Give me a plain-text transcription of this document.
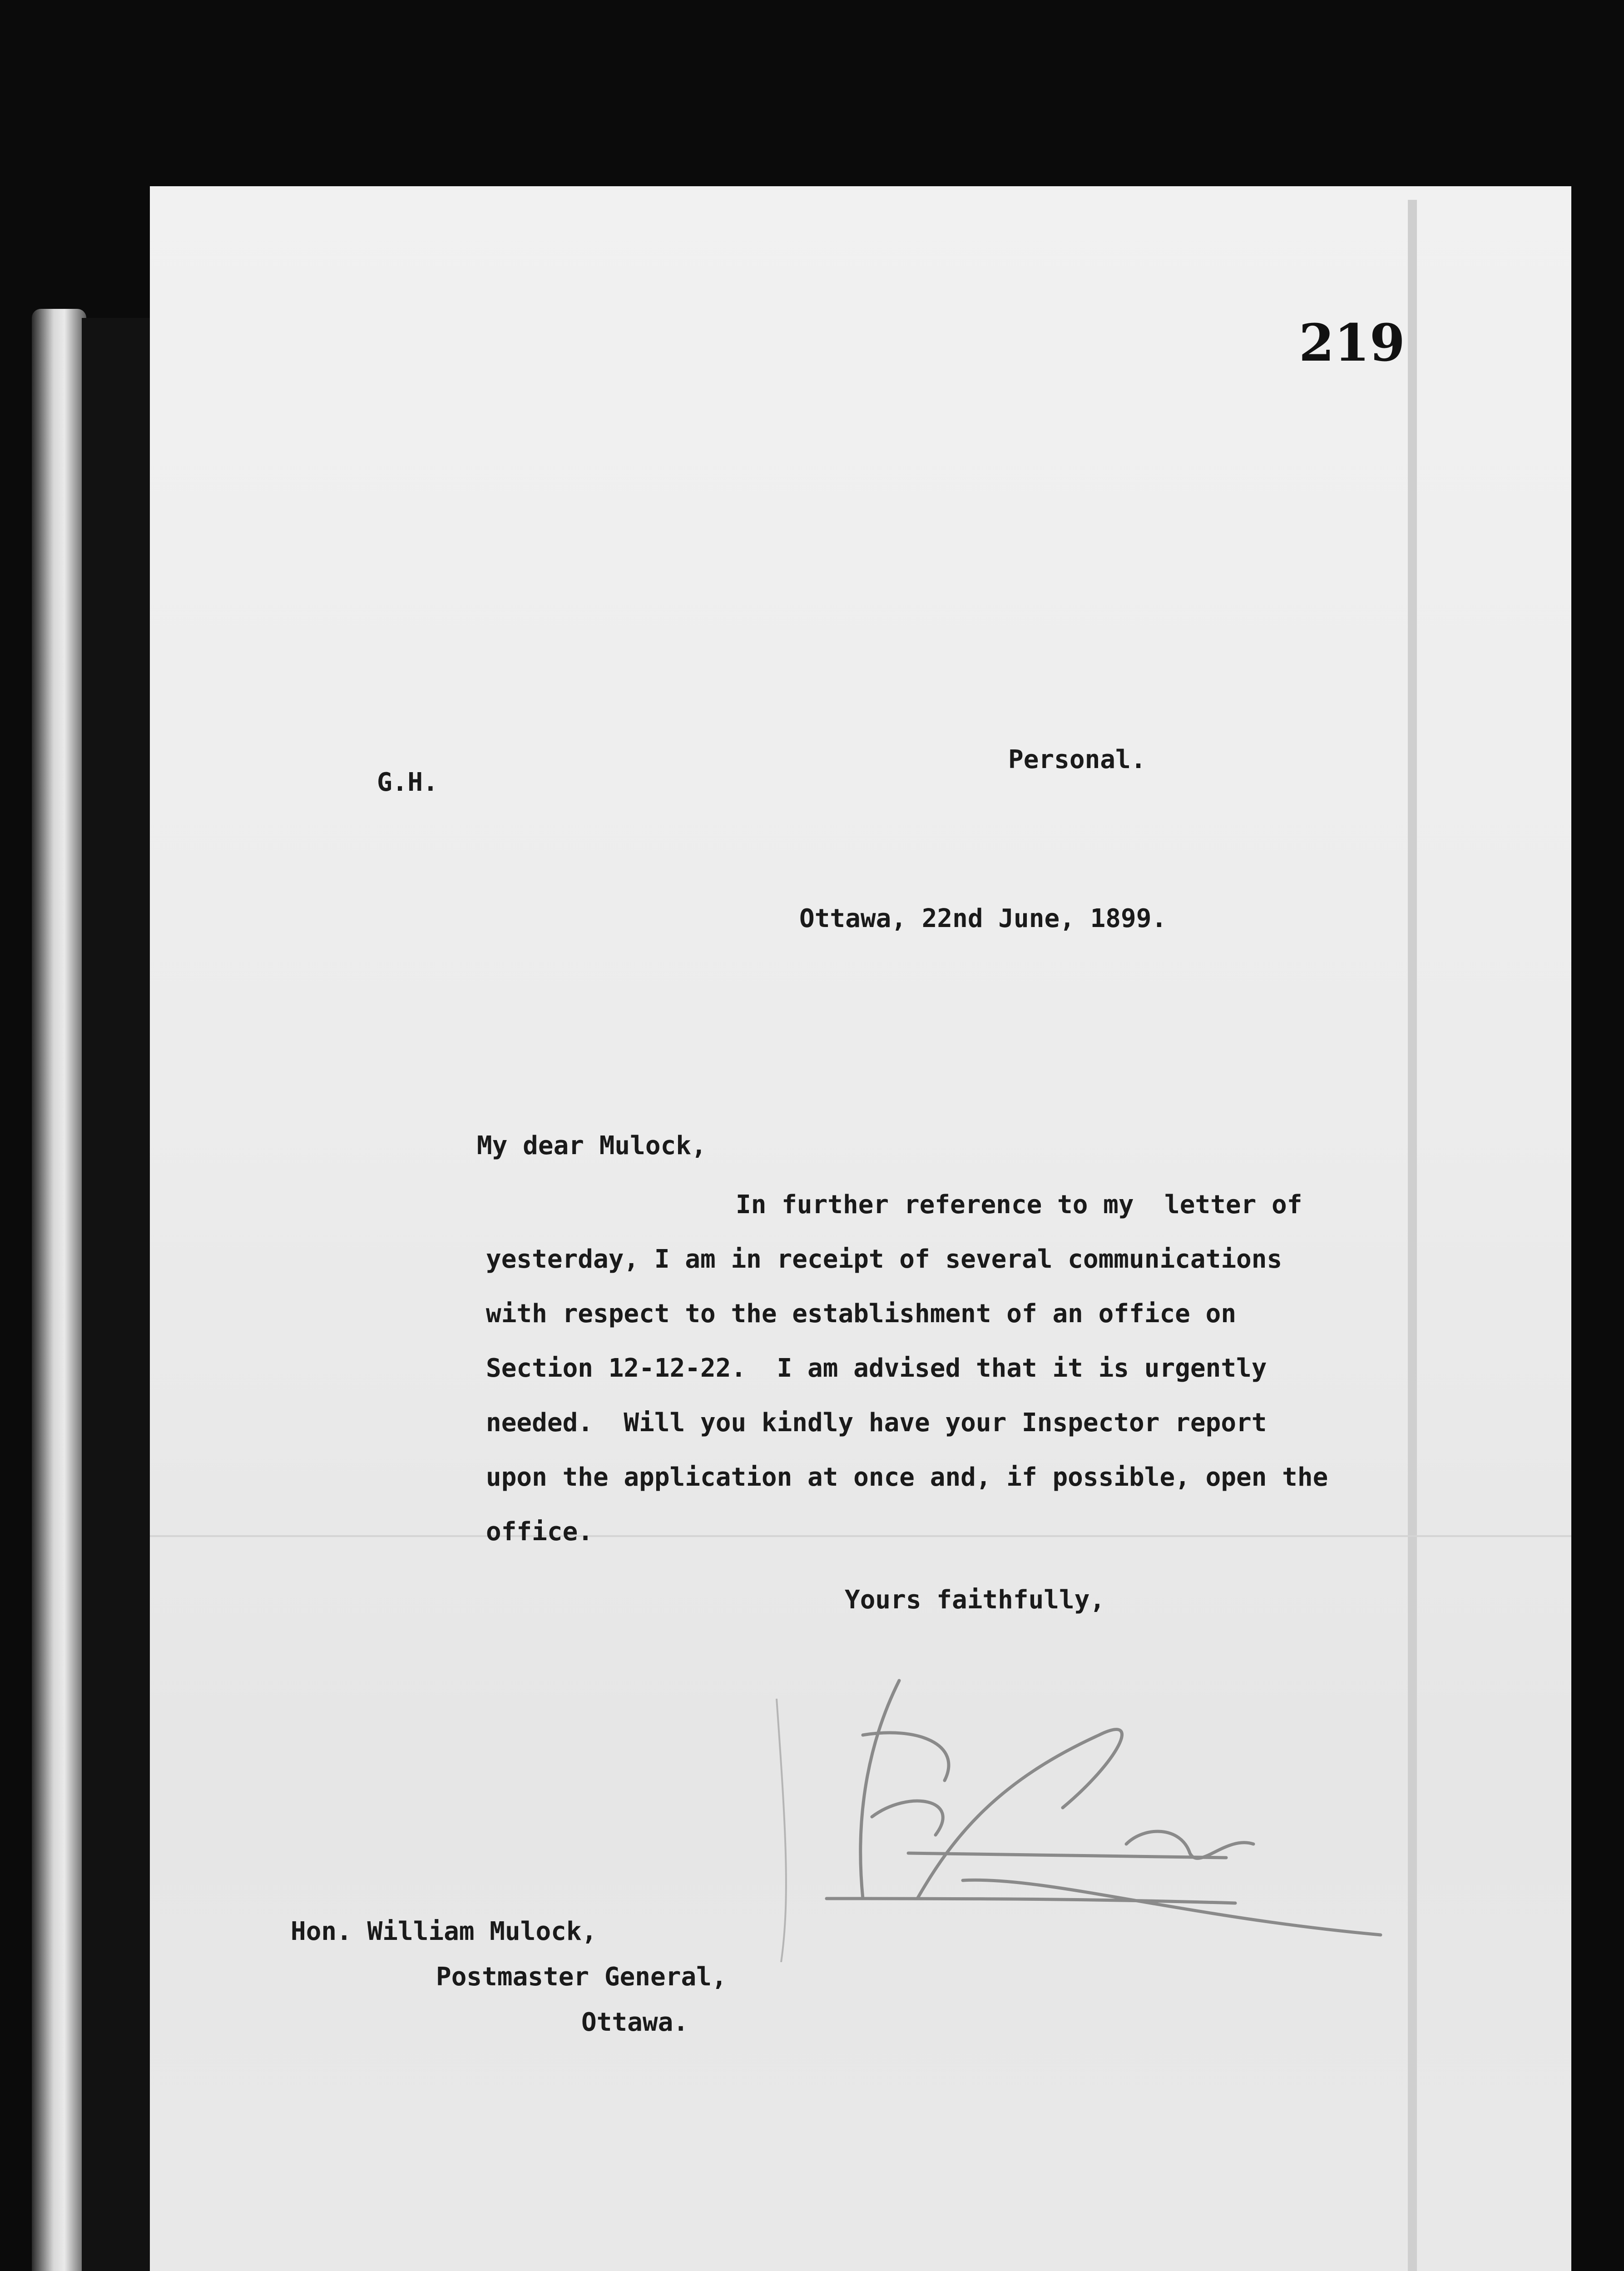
219
G.H.
Personal.
Ottawa, 22nd June, 1899.
My dear Mulock,
In further reference to my  letter of
yesterday, I am in receipt of several communications
with respect to the establishment of an office on
Section 12-12-22.  I am advised that it is urgently
needed.  Will you kindly have your Inspector report
upon the application at once and, if possible, open the
office.
Yours faithfully,
Hon. William Mulock,
Postmaster General,
Ottawa.
